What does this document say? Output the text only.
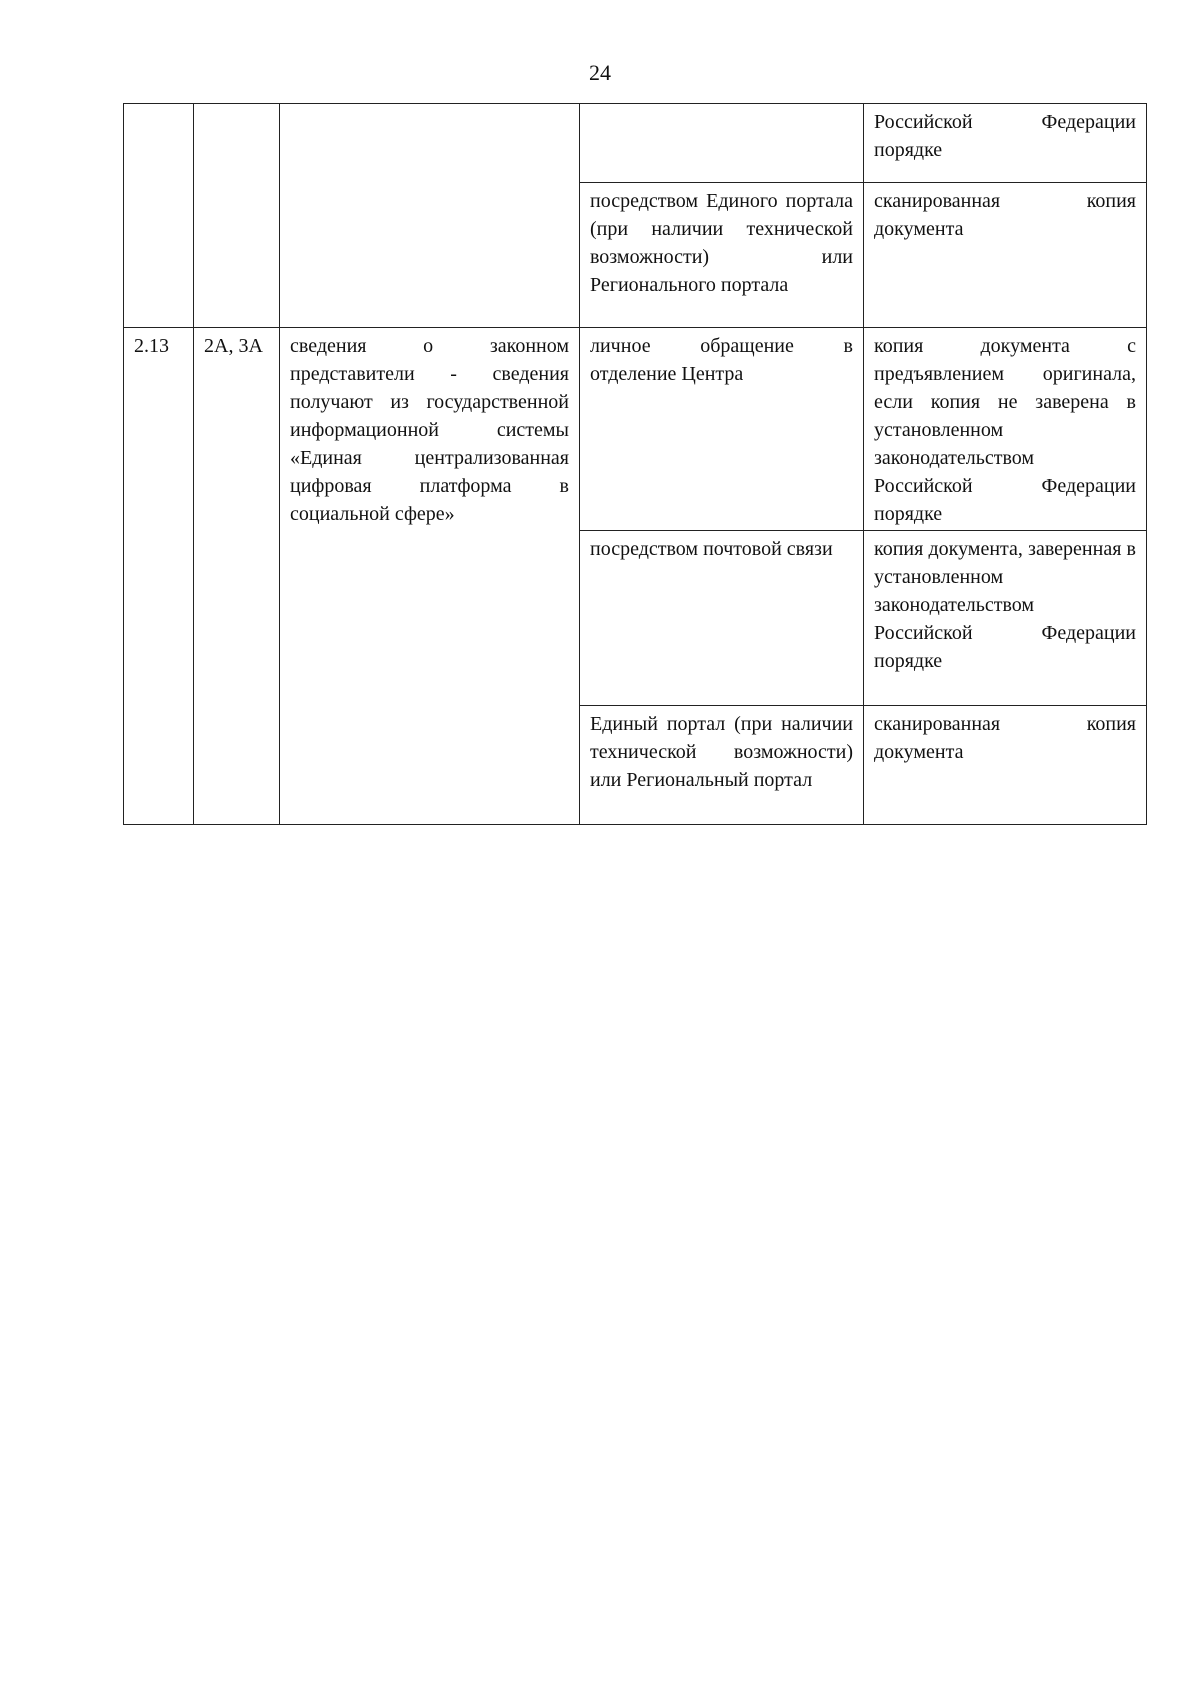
24
				Российской Федерации порядке
			посредством Единого портала (при наличии технической возможности) или Регионального портала	сканированная копия документа
2.13	2А, 3А	сведения о законном представители - сведения получают из государственной информационной системы «Единая централизованная цифровая платформа в социальной сфере»	личное обращение в отделение Центра	копия документа с предъявлением оригинала, если копия не заверена в установленном законодательством Российской Федерации порядке
			посредством почтовой связи	копия документа, заверенная в установленном законодательством Российской Федерации порядке
			Единый портал (при наличии технической возможности) или Региональный портал	сканированная копия документа
